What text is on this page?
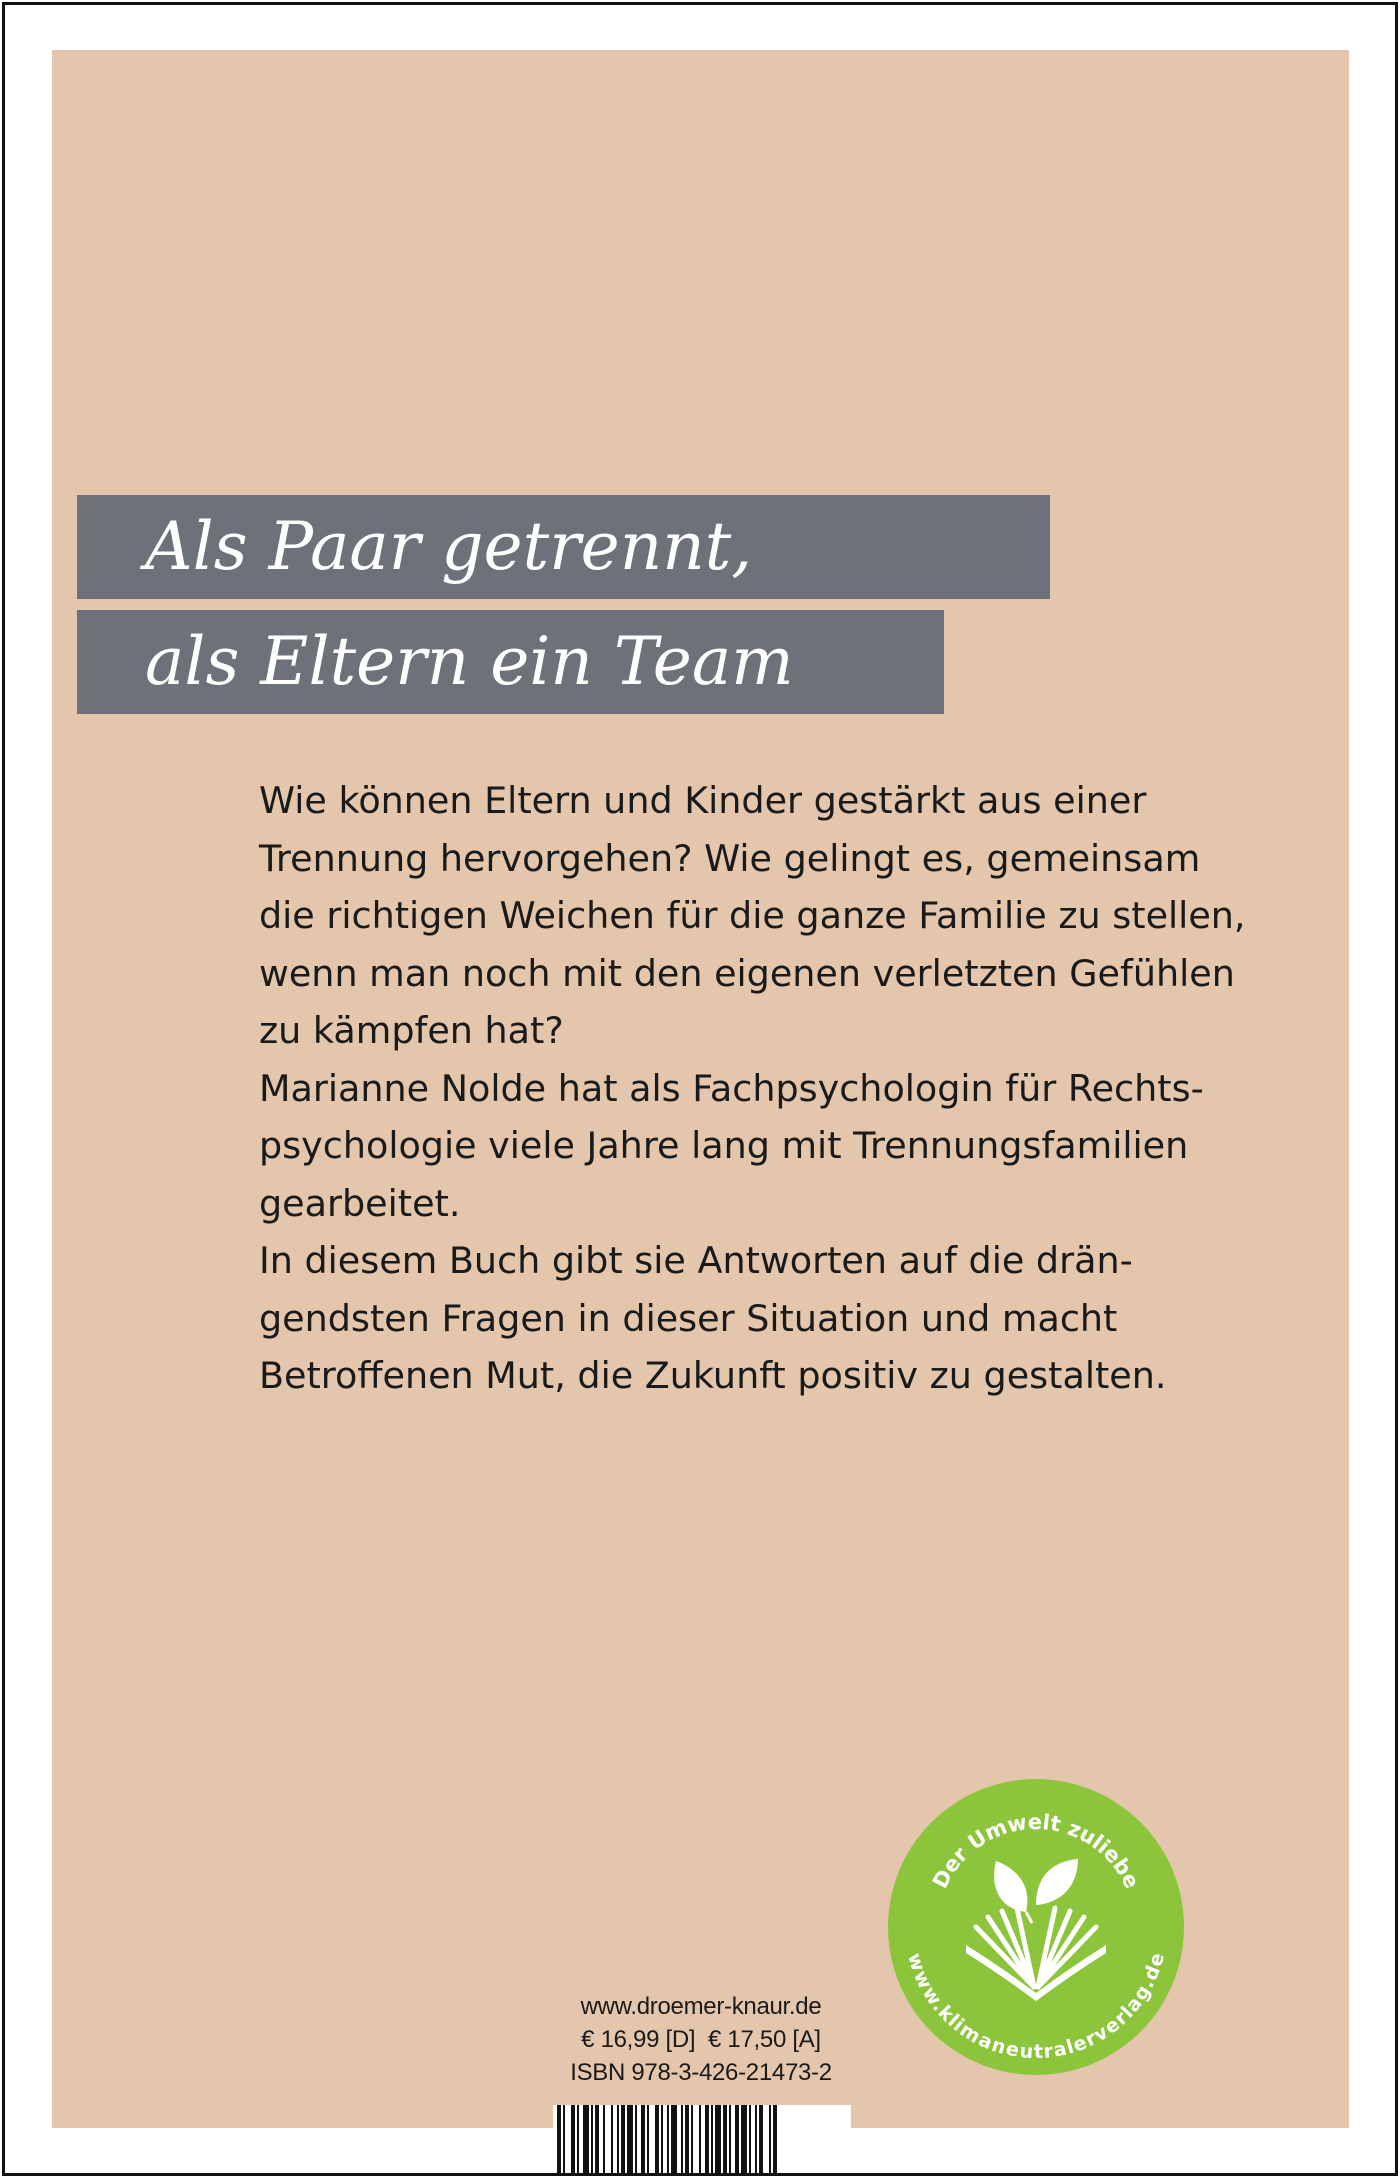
Als Paar getrennt,
als Eltern ein Team

Wie können Eltern und Kinder gestärkt aus einer

Trennung hervorgehen? Wie gelingt es, gemeinsam

die richtigen Weichen für die ganze Familie zu stellen,

wenn man noch mit den eigenen verletzten Gefühlen

zu kämpfen hat?

Marianne Nolde hat als Fachpsychologin für Rechts-

psychologie viele Jahre lang mit Trennungsfamilien

gearbeitet.

In diesem Buch gibt sie Antworten auf die drän-

gendsten Fragen in dieser Situation und macht

Betroffenen Mut, die Zukunft positiv zu gestalten.

www.droemer-knaur.de
€ 16,99 [D]  € 17,50 [A]
ISBN 978-3-426-21473-2
Der Umwelt zuliebe
www.klimaneutralerverlag.de
